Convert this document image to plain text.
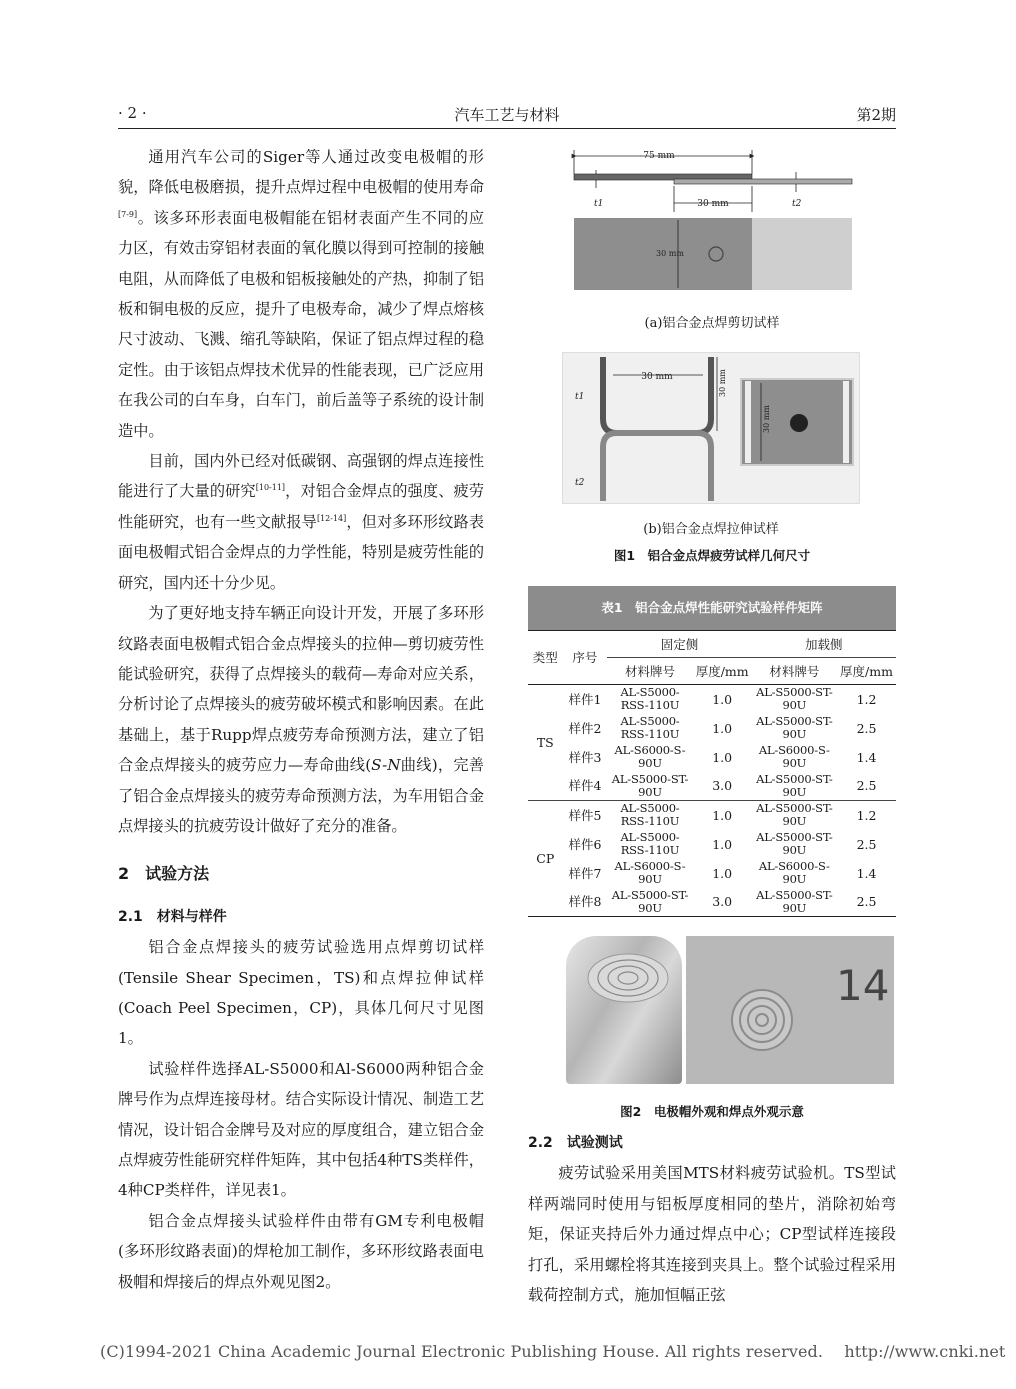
· 2 ·	汽车工艺与材料	第2期

通用汽车公司的Siger等人通过改变电极帽的形貌，降低电极磨损，提升点焊过程中电极帽的使用寿命[7-9]。该多环形表面电极帽能在铝材表面产生不同的应力区，有效击穿铝材表面的氧化膜以得到可控制的接触电阻，从而降低了电极和铝板接触处的产热，抑制了铝板和铜电极的反应，提升了电极寿命，减少了焊点熔核尺寸波动、飞溅、缩孔等缺陷，保证了铝点焊过程的稳定性。由于该铝点焊技术优异的性能表现，已广泛应用在我公司的白车身，白车门，前后盖等子系统的设计制造中。

目前，国内外已经对低碳钢、高强钢的焊点连接性能进行了大量的研究[10-11]，对铝合金焊点的强度、疲劳性能研究，也有一些文献报导[12-14]，但对多环形纹路表面电极帽式铝合金焊点的力学性能，特别是疲劳性能的研究，国内还十分少见。

为了更好地支持车辆正向设计开发，开展了多环形纹路表面电极帽式铝合金点焊接头的拉伸—剪切疲劳性能试验研究，获得了点焊接头的载荷—寿命对应关系，分析讨论了点焊接头的疲劳破坏模式和影响因素。在此基础上，基于Rupp焊点疲劳寿命预测方法，建立了铝合金点焊接头的疲劳应力—寿命曲线(S-N曲线)，完善了铝合金点焊接头的疲劳寿命预测方法，为车用铝合金点焊接头的抗疲劳设计做好了充分的准备。

2　试验方法
2.1　材料与样件

铝合金点焊接头的疲劳试验选用点焊剪切试样(Tensile Shear Specimen，TS)和点焊拉伸试样(Coach Peel Specimen，CP)，具体几何尺寸见图1。

试验样件选择AL-S5000和Al-S6000两种铝合金牌号作为点焊连接母材。结合实际设计情况、制造工艺情况，设计铝合金牌号及对应的厚度组合，建立铝合金点焊疲劳性能研究样件矩阵，其中包括4种TS类样件，4种CP类样件，详见表1。

铝合金点焊接头试验样件由带有GM专利电极帽(多环形纹路表面)的焊枪加工制作，多环形纹路表面电极帽和焊接后的焊点外观见图2。

75 mm
t1	t2
30 mm
30 mm
(a)铝合金点焊剪切试样
30 mm	30 mm
t1
t2
30 mm
(b)铝合金点焊拉伸试样
图1　铝合金点焊疲劳试样几何尺寸
表1　铝合金点焊性能研究试验样件矩阵
类型	序号	固定侧		加载侧	
		材料牌号	厚度/mm	材料牌号	厚度/mm
TS	样件1	AL-S5000-RSS-110U	1.0	AL-S5000-ST-90U	1.2
	样件2	AL-S5000-RSS-110U	1.0	AL-S5000-ST-90U	2.5
	样件3	AL-S6000-S-90U	1.0	AL-S6000-S-90U	1.4
	样件4	AL-S5000-ST-90U	3.0	AL-S5000-ST-90U	2.5
CP	样件5	AL-S5000-RSS-110U	1.0	AL-S5000-ST-90U	1.2
	样件6	AL-S5000-RSS-110U	1.0	AL-S5000-ST-90U	2.5
	样件7	AL-S6000-S-90U	1.0	AL-S6000-S-90U	1.4
	样件8	AL-S5000-ST-90U	3.0	AL-S5000-ST-90U	2.5
14
图2　电极帽外观和焊点外观示意
2.2　试验测试

疲劳试验采用美国MTS材料疲劳试验机。TS型试样两端同时使用与铝板厚度相同的垫片，消除初始弯矩，保证夹持后外力通过焊点中心；CP型试样连接段打孔，采用螺栓将其连接到夹具上。整个试验过程采用载荷控制方式，施加恒幅正弦

(C)1994-2021 China Academic Journal Electronic Publishing House. All rights reserved.　 http://www.cnki.net
